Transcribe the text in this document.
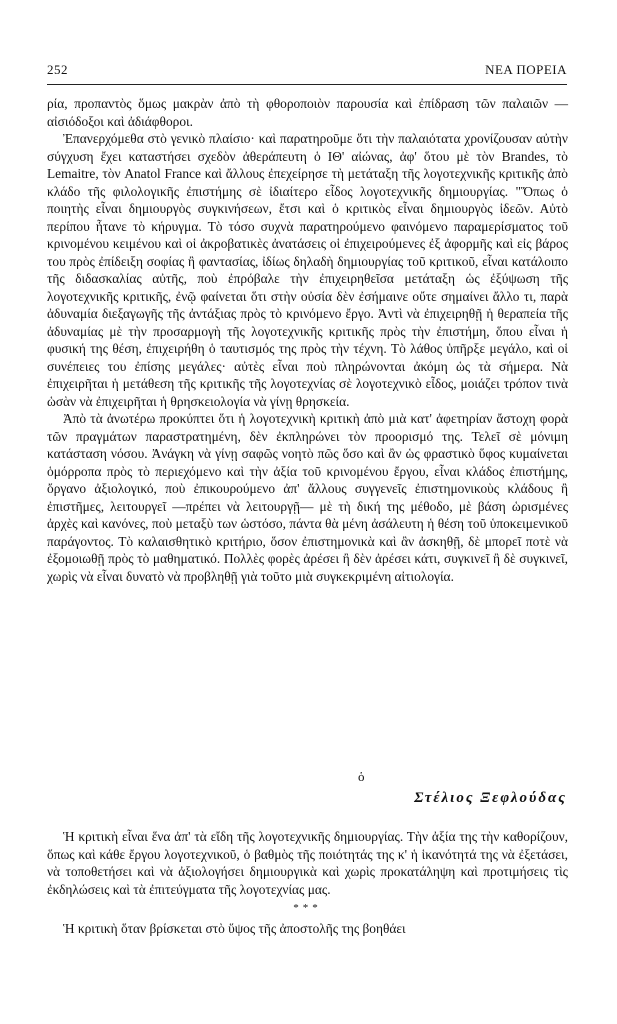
252	ΝΕΑ ΠΟΡΕΙΑ

ρία, προπαντὸς ὅμως μακρὰν ἀπὸ τὴ φθοροποιὸν παρουσία καὶ ἐπίδραση τῶν παλαιῶν —αἰσιόδοξοι καὶ ἀδιάφθοροι.

Ἐπανερχόμεθα στὸ γενικὸ πλαίσιο· καὶ παρατηροῦμε ὅτι τὴν παλαιότατα χρονίζουσαν αὐτὴν σύγχυση ἔχει καταστήσει σχεδὸν ἀθεράπευτη ὁ ΙΘ' αἰώνας, ἀφ' ὅτου μὲ τὸν Brandes, τὸ Lemaitre, τὸν Anatol France καὶ ἄλλους ἐπεχείρησε τὴ μετάταξη τῆς λογοτεχνικῆς κριτικῆς ἀπὸ κλάδο τῆς φιλολογικῆς ἐπιστήμης σὲ ἰδιαίτερο εἶδος λογοτεχνικῆς δημιουργίας. "Ὅπως ὁ ποιητὴς εἶναι δημιουργὸς συγκινήσεων, ἔτσι καὶ ὁ κριτικὸς εἶναι δημιουργὸς ἰδεῶν. Αὐτὸ περίπου ἦτανε τὸ κήρυγμα. Τὸ τόσο συχνὰ παρατηρούμενο φαινόμενο παραμερίσματος τοῦ κρινομένου κειμένου καὶ οἱ ἀκροβατικὲς ἀνατάσεις οἱ ἐπιχειρούμενες ἐξ ἀφορμῆς καὶ εἰς βάρος του πρὸς ἐπίδειξη σοφίας ἢ φαντασίας, ἰδίως δηλαδὴ δημιουργίας τοῦ κριτικοῦ, εἶναι κατάλοιπο τῆς διδασκαλίας αὐτῆς, ποὺ ἐπρόβαλε τὴν ἐπιχειρηθεῖσα μετάταξη ὡς ἐξύψωση τῆς λογοτεχνικῆς κριτικῆς, ἐνῷ φαίνεται ὅτι στὴν οὐσία δὲν ἐσήμαινε οὔτε σημαίνει ἄλλο τι, παρὰ ἀδυναμία διεξαγωγῆς τῆς ἀντάξιας πρὸς τὸ κρινόμενο ἔργο. Ἀντὶ νὰ ἐπιχειρηθῇ ἡ θεραπεία τῆς ἀδυναμίας μὲ τὴν προσαρμογὴ τῆς λογοτεχνικῆς κριτικῆς πρὸς τὴν ἐπιστήμη, ὅπου εἶναι ἡ φυσική της θέση, ἐπιχειρήθη ὁ ταυτισμός της πρὸς τὴν τέχνη. Τὸ λάθος ὑπῆρξε μεγάλο, καὶ οἱ συνέπειες του ἐπίσης μεγάλες· αὐτὲς εἶναι ποὺ πληρώνονται ἀκόμη ὡς τὰ σήμερα. Νὰ ἐπιχειρῆται ἡ μετάθεση τῆς κριτικῆς τῆς λογοτεχνίας σὲ λογοτεχνικὸ εἶδος, μοιάζει τρόπον τινὰ ὡσὰν νὰ ἐπιχειρῆται ἡ θρησκειολογία νὰ γίνῃ θρησκεία.

Ἀπὸ τὰ ἀνωτέρω προκύπτει ὅτι ἡ λογοτεχνικὴ κριτικὴ ἀπὸ μιὰ κατ' ἀφετηρίαν ἄστοχη φορὰ τῶν πραγμάτων παραστρατημένη, δὲν ἐκπληρώνει τὸν προορισμό της. Τελεῖ σὲ μόνιμη κατάσταση νόσου. Ἀνάγκη νὰ γίνῃ σαφῶς νοητὸ πῶς ὅσο καὶ ἂν ὡς φραστικὸ ὕφος κυμαίνεται ὁμόρροπα πρὸς τὸ περιεχόμενο καὶ τὴν ἀξία τοῦ κρινομένου ἔργου, εἶναι κλάδος ἐπιστήμης, ὄργανο ἀξιολογικό, ποὺ ἐπικουρούμενο ἀπ' ἄλλους συγγενεῖς ἐπιστημονικοὺς κλάδους ἢ ἐπιστῆμες, λειτουργεῖ —πρέπει νὰ λειτουργῇ— μὲ τὴ δική της μέθοδο, μὲ βάση ὡρισμένες ἀρχὲς καὶ κανόνες, ποὺ μεταξὺ των ὡστόσο, πάντα θὰ μένη ἀσάλευτη ἡ θέση τοῦ ὑποκειμενικοῦ παράγοντος. Τὸ καλαισθητικὸ κριτήριο, ὅσον ἐπιστημονικὰ καὶ ἂν ἀσκηθῇ, δὲ μπορεῖ ποτὲ νὰ ἐξομοιωθῇ πρὸς τὸ μαθηματικό. Πολλὲς φορὲς ἀρέσει ἢ δὲν ἀρέσει κάτι, συγκινεῖ ἢ δὲ συγκινεῖ, χωρὶς νὰ εἶναι δυνατὸ νὰ προβληθῇ γιὰ τοῦτο μιὰ συγκεκριμένη αἰτιολογία.

ὁ
Στέλιος Ξεφλούδας

Ἡ κριτικὴ εἶναι ἕνα ἀπ' τὰ εἴδη τῆς λογοτεχνικῆς δημιουργίας. Τὴν ἀξία της τὴν καθορίζουν, ὅπως καὶ κάθε ἔργου λογοτεχνικοῦ, ὁ βαθμὸς τῆς ποιότητάς της κ' ἡ ἱκανότητά της νὰ ἐξετάσει, νὰ τοποθετήσει καὶ νὰ ἀξιολογήσει δημιουργικὰ καὶ χωρὶς προκατάληψη καὶ προτιμήσεις τὶς ἐκδηλώσεις καὶ τὰ ἐπιτεύγματα τῆς λογοτεχνίας μας.

***

Ἡ κριτικὴ ὅταν βρίσκεται στὸ ὕψος τῆς ἀποστολῆς της βοηθάει
